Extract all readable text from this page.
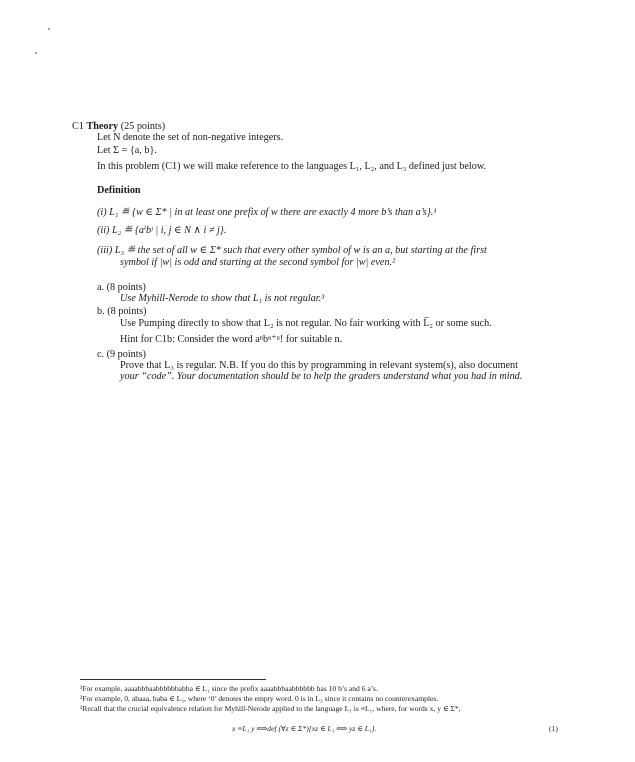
C1 Theory (25 points)
Let N denote the set of non-negative integers.
Let Σ = {a, b}.
In this problem (C1) we will make reference to the languages L₁, L₂, and L₃ defined just below.
Definition
(i) L₁ ≝ {w ∈ Σ* | in at least one prefix of w there are exactly 4 more b’s than a’s}.¹
(ii) L₂ ≝ {aⁱbʲ | i, j ∈ N ∧ i ≠ j}.
(iii) L₃ ≝ the set of all w ∈ Σ* such that every other symbol of w is an a, but starting at the first
symbol if |w| is odd and starting at the second symbol for |w| even.²
a. (8 points)
Use Myhill-Nerode to show that L₁ is not regular.³
b. (8 points)
Use Pumping directly to show that L₂ is not regular. No fair working with L̅₂ or some such.
Hint for C1b: Consider the word aⁿbⁿ⁺ⁿ! for suitable n.
c. (9 points)
Prove that L₃ is regular. N.B. If you do this by programming in relevant system(s), also document
your “code”. Your documentation should be to help the graders understand what you had in mind.
¹For example, aaaabbbaabbbbbbabba ∈ L₁ since the prefix aaaabbbaabbbbbb has 10 b’s and 6 a’s.
²For example, 0, abaaa, baba ∈ L₃, where ‘0’ denotes the empty word. 0 is in L₃ since it contains no counterexamples.
³Recall that the crucial equivalence relation for Myhill-Nerode applied to the language L₁ is ≡L₁, where, for words x, y ∈ Σ*,
x ≡L₁ y ⟺def (∀z ∈ Σ*)[xz ∈ L₁ ⟺ yz ∈ L₁].	(1)
